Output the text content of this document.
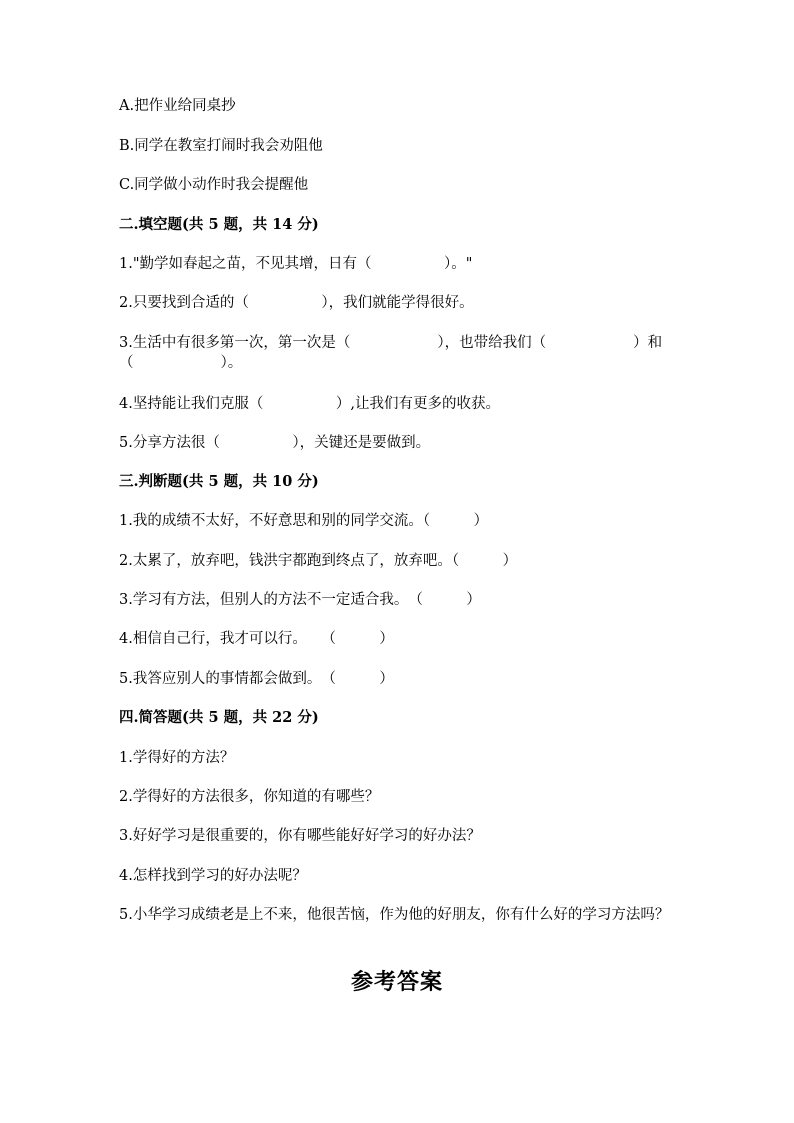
A.把作业给同桌抄
B.同学在教室打闹时我会劝阻他
C.同学做小动作时我会提醒他
二.填空题(共 5 题，共 14 分)
1."勤学如春起之苗，不见其增，日有（　　　　　）。"
2.只要找到合适的（　　　　　），我们就能学得很好。
3.生活中有很多第一次，第一次是（　　　　　　），也带给我们（　　　　　　）和（　　　　　　）。
4.坚持能让我们克服（　　　　　）,让我们有更多的收获。
5.分享方法很（　　　　　），关键还是要做到。
三.判断题(共 5 题，共 10 分)
1.我的成绩不太好，不好意思和别的同学交流。（　　　）
2.太累了，放弃吧，钱洪宇都跑到终点了，放弃吧。（　　　）
3.学习有方法，但别人的方法不一定适合我。　（　　　）
4.相信自己行，我才可以行。　　（　　　）
5.我答应别人的事情都会做到。　（　　　）
四.简答题(共 5 题，共 22 分)
1.学得好的方法？
2.学得好的方法很多，你知道的有哪些？
3.好好学习是很重要的，你有哪些能好好学习的好办法？
4.怎样找到学习的好办法呢？
5.小华学习成绩老是上不来，他很苦恼，作为他的好朋友，你有什么好的学习方法吗？
参考答案
